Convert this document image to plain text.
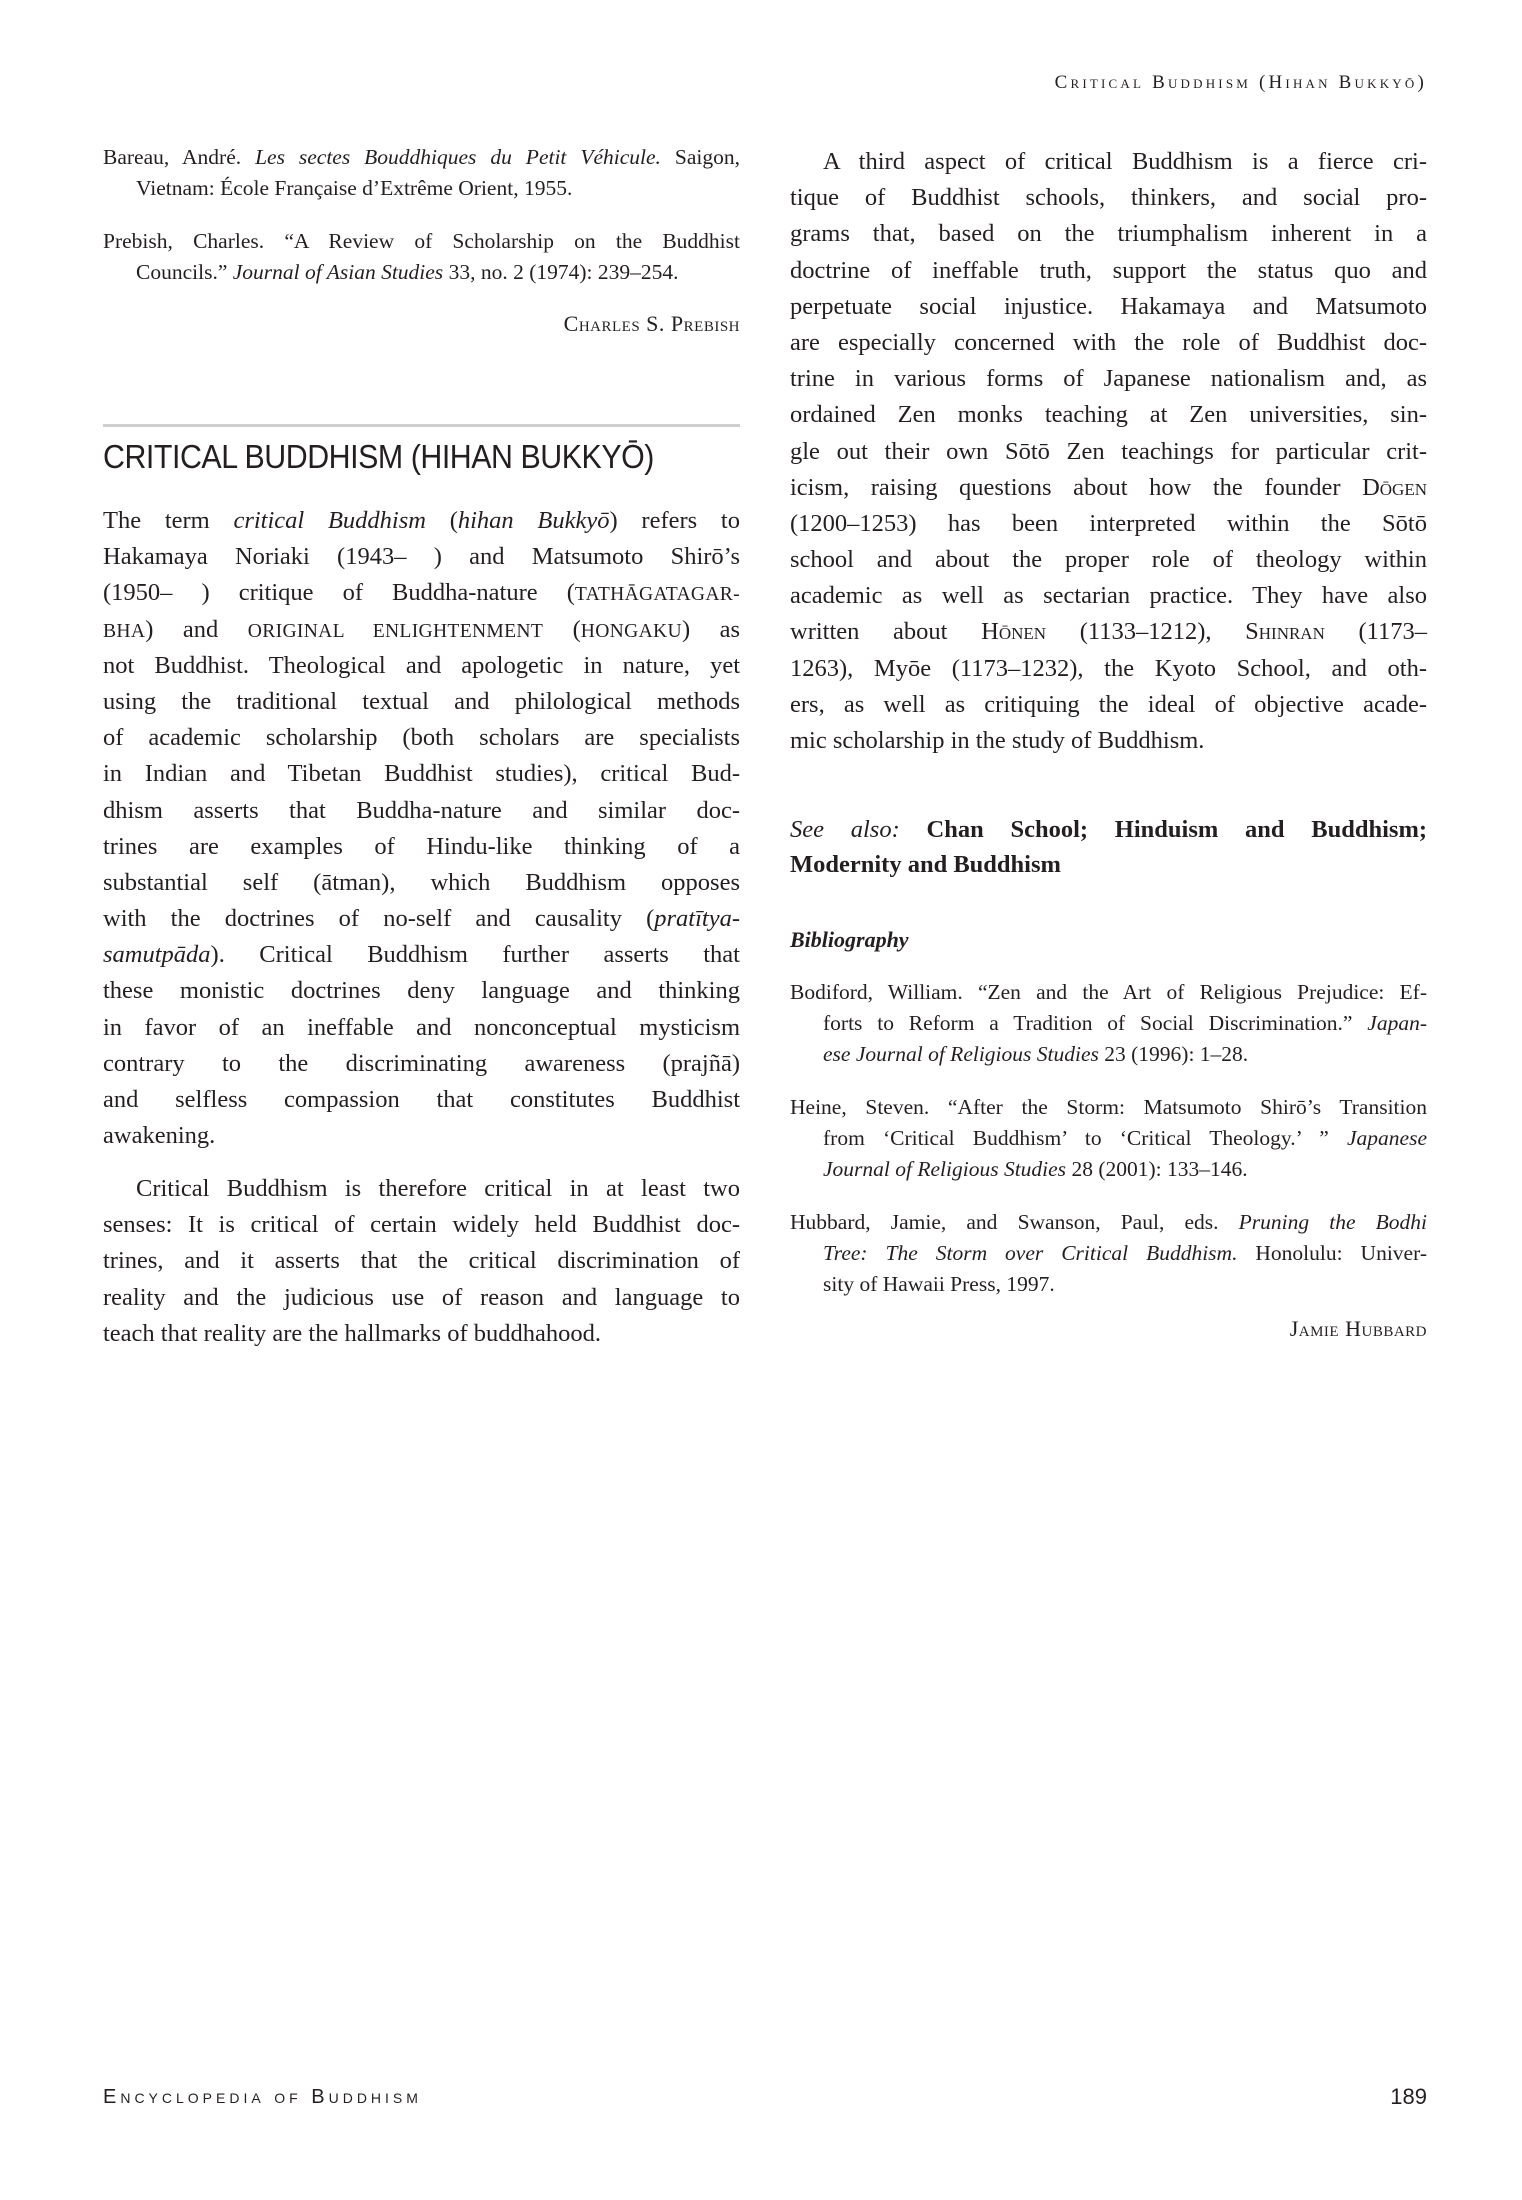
Critical Buddhism (Hihan Bukkyō)
Bareau, André. Les sectes Bouddhiques du Petit Véhicule. Saigon,
Vietnam: École Française d’Extrême Orient, 1955.
Prebish, Charles. “A Review of Scholarship on the Buddhist
Councils.” Journal of Asian Studies 33, no. 2 (1974): 239–254.
Charles S. Prebish
CRITICAL BUDDHISM (HIHAN BUKKYŌ)
The term critical Buddhism (hihan Bukkyō) refers to
Hakamaya Noriaki (1943– ) and Matsumoto Shirō’s
(1950– ) critique of Buddha-nature (TATHĀGATAGAR-
BHA) and ORIGINAL ENLIGHTENMENT (HONGAKU) as
not Buddhist. Theological and apologetic in nature, yet
using the traditional textual and philological methods
of academic scholarship (both scholars are specialists
in Indian and Tibetan Buddhist studies), critical Bud-
dhism asserts that Buddha-nature and similar doc-
trines are examples of Hindu-like thinking of a
substantial self (ātman), which Buddhism opposes
with the doctrines of no-self and causality (pratītya-
samutpāda). Critical Buddhism further asserts that
these monistic doctrines deny language and thinking
in favor of an ineffable and nonconceptual mysticism
contrary to the discriminating awareness (prajñā)
and selfless compassion that constitutes Buddhist
awakening.
Critical Buddhism is therefore critical in at least two
senses: It is critical of certain widely held Buddhist doc-
trines, and it asserts that the critical discrimination of
reality and the judicious use of reason and language to
teach that reality are the hallmarks of buddhahood.
A third aspect of critical Buddhism is a fierce cri-
tique of Buddhist schools, thinkers, and social pro-
grams that, based on the triumphalism inherent in a
doctrine of ineffable truth, support the status quo and
perpetuate social injustice. Hakamaya and Matsumoto
are especially concerned with the role of Buddhist doc-
trine in various forms of Japanese nationalism and, as
ordained Zen monks teaching at Zen universities, sin-
gle out their own Sōtō Zen teachings for particular crit-
icism, raising questions about how the founder Dōgen
(1200–1253) has been interpreted within the Sōtō
school and about the proper role of theology within
academic as well as sectarian practice. They have also
written about Hōnen (1133–1212), Shinran (1173–
1263), Myōe (1173–1232), the Kyoto School, and oth-
ers, as well as critiquing the ideal of objective acade-
mic scholarship in the study of Buddhism.
See also: Chan School; Hinduism and Buddhism;
Modernity and Buddhism
Bibliography
Bodiford, William. “Zen and the Art of Religious Prejudice: Ef-
forts to Reform a Tradition of Social Discrimination.” Japan-
ese Journal of Religious Studies 23 (1996): 1–28.
Heine, Steven. “After the Storm: Matsumoto Shirō’s Transition
from ‘Critical Buddhism’ to ‘Critical Theology.’ ” Japanese
Journal of Religious Studies 28 (2001): 133–146.
Hubbard, Jamie, and Swanson, Paul, eds. Pruning the Bodhi
Tree: The Storm over Critical Buddhism. Honolulu: Univer-
sity of Hawaii Press, 1997.
Jamie Hubbard
Encyclopedia of Buddhism	189
